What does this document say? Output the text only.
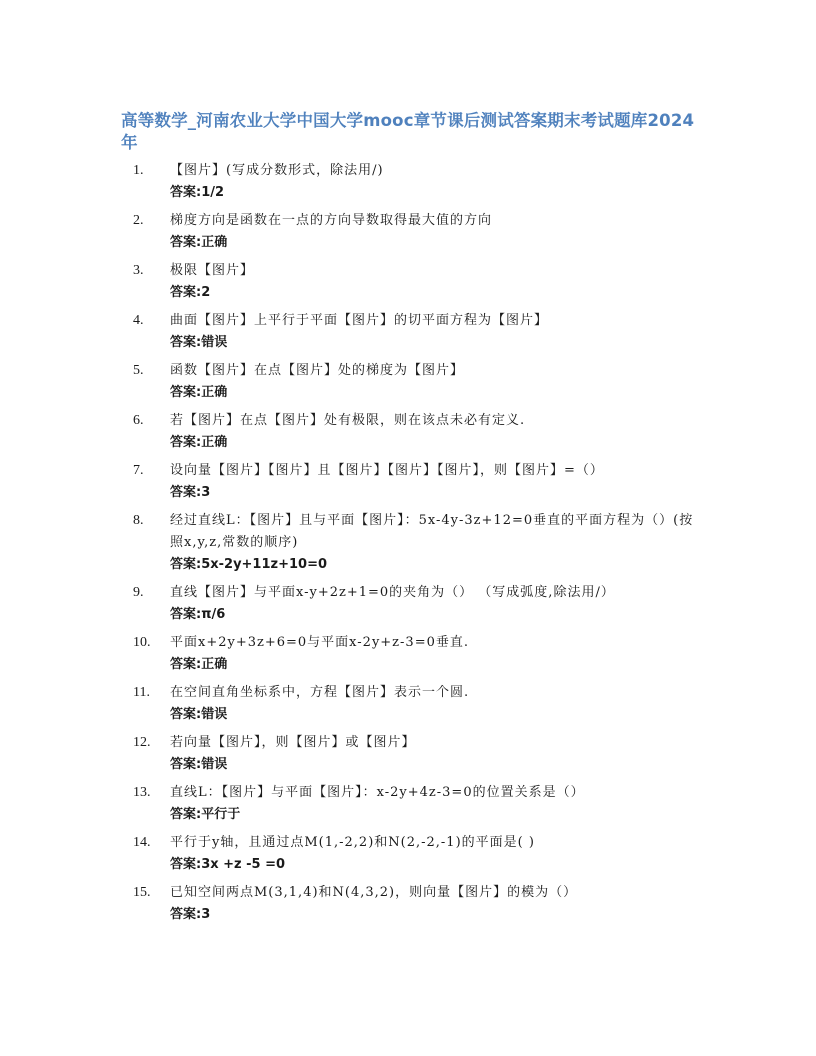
高等数学_河南农业大学中国大学mooc章节课后测试答案期末考试题库2024年
1.	【图片】(写成分数形式，除法用/)
答案:1/2
2.	梯度方向是函数在一点的方向导数取得最大值的方向
答案:正确
3.	极限【图片】
答案:2
4.	曲面【图片】上平行于平面【图片】的切平面方程为【图片】
答案:错误
5.	函数【图片】在点【图片】处的梯度为【图片】
答案:正确
6.	若【图片】在点【图片】处有极限，则在该点未必有定义.
答案:正确
7.	设向量【图片】【图片】且【图片】【图片】【图片】，则【图片】=（）
答案:3
8.	经过直线L：【图片】且与平面【图片】：5x-4y-3z+12=0垂直的平面方程为（）(按照x,y,z,常数的顺序)
答案:5x-2y+11z+10=0
9.	直线【图片】与平面x-y+2z+1=0的夹角为（） （写成弧度,除法用/）
答案:π/6
10.	平面x+2y+3z+6=0与平面x-2y+z-3=0垂直.
答案:正确
11.	在空间直角坐标系中，方程【图片】表示一个圆.
答案:错误
12.	若向量【图片】，则【图片】或【图片】
答案:错误
13.	直线L：【图片】与平面【图片】：x-2y+4z-3=0的位置关系是（）
答案:平行于
14.	平行于y轴，且通过点M(1,-2,2)和N(2,-2,-1)的平面是( )
答案:3x +z -5 =0
15.	已知空间两点M(3,1,4)和N(4,3,2)，则向量【图片】的模为（）
答案:3
